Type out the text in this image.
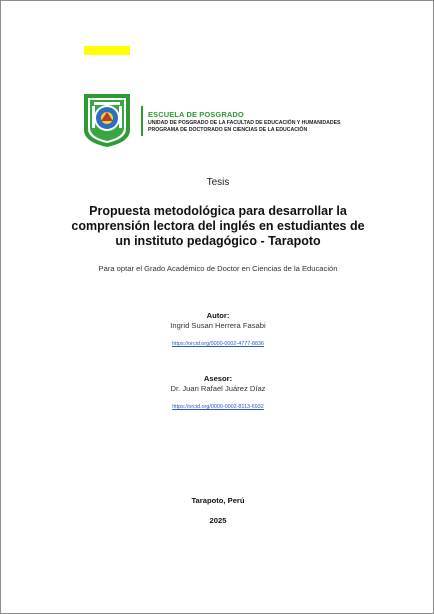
ESCUELA DE POSGRADO
UNIDAD DE POSGRADO DE LA FACULTAD DE EDUCACIÓN Y HUMANIDADES
PROGRAMA DE DOCTORADO EN CIENCIAS DE LA EDUCACIÓN
Tesis
Propuesta metodológica para desarrollar la
comprensión lectora del inglés en estudiantes de
un instituto pedagógico - Tarapoto
Para optar el Grado Académico de Doctor en Ciencias de la Educación
Autor:
Ingrid Susan Herrera Fasabi
https://orcid.org/0000-0002-4777-8836
Asesor:
Dr. Juan Rafael Juárez Díaz
https://orcid.org/0000-0002-8113-6932
Tarapoto, Perú
2025
